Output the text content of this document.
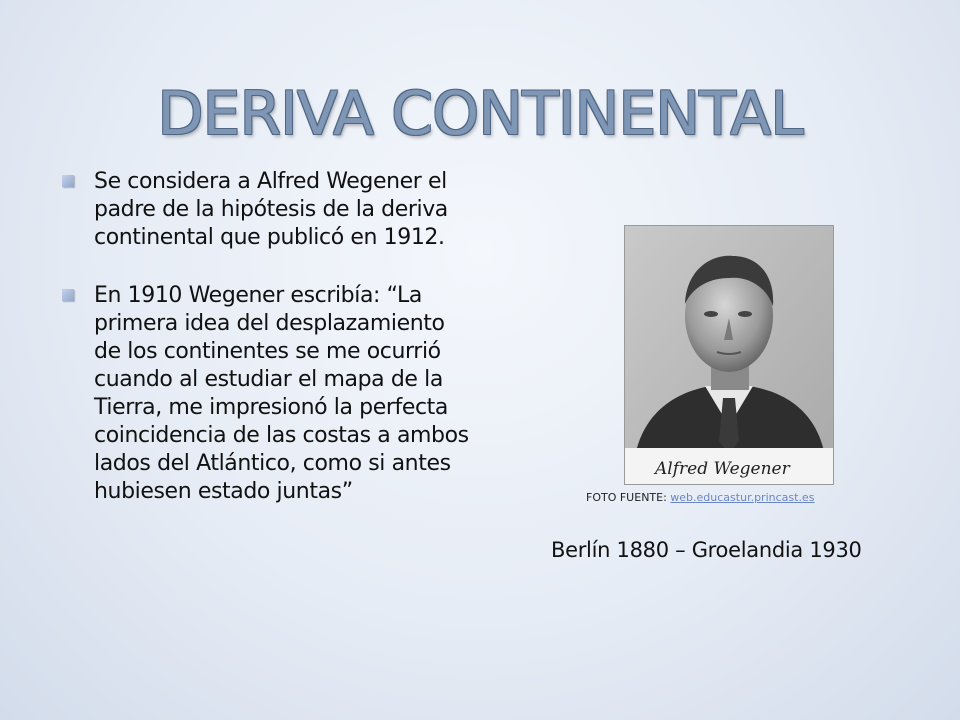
DERIVA CONTINENTAL
Se considera a Alfred Wegener el padre de la hipótesis de la deriva continental que publicó en 1912.
En 1910 Wegener escribía: “La primera idea del desplazamiento de los continentes se me ocurrió cuando al estudiar el mapa de la Tierra, me impresionó la perfecta coincidencia de las costas a ambos lados del Atlántico, como si antes hubiesen estado juntas”
Alfred Wegener
FOTO FUENTE: web.educastur.princast.es
Berlín 1880 – Groelandia 1930
